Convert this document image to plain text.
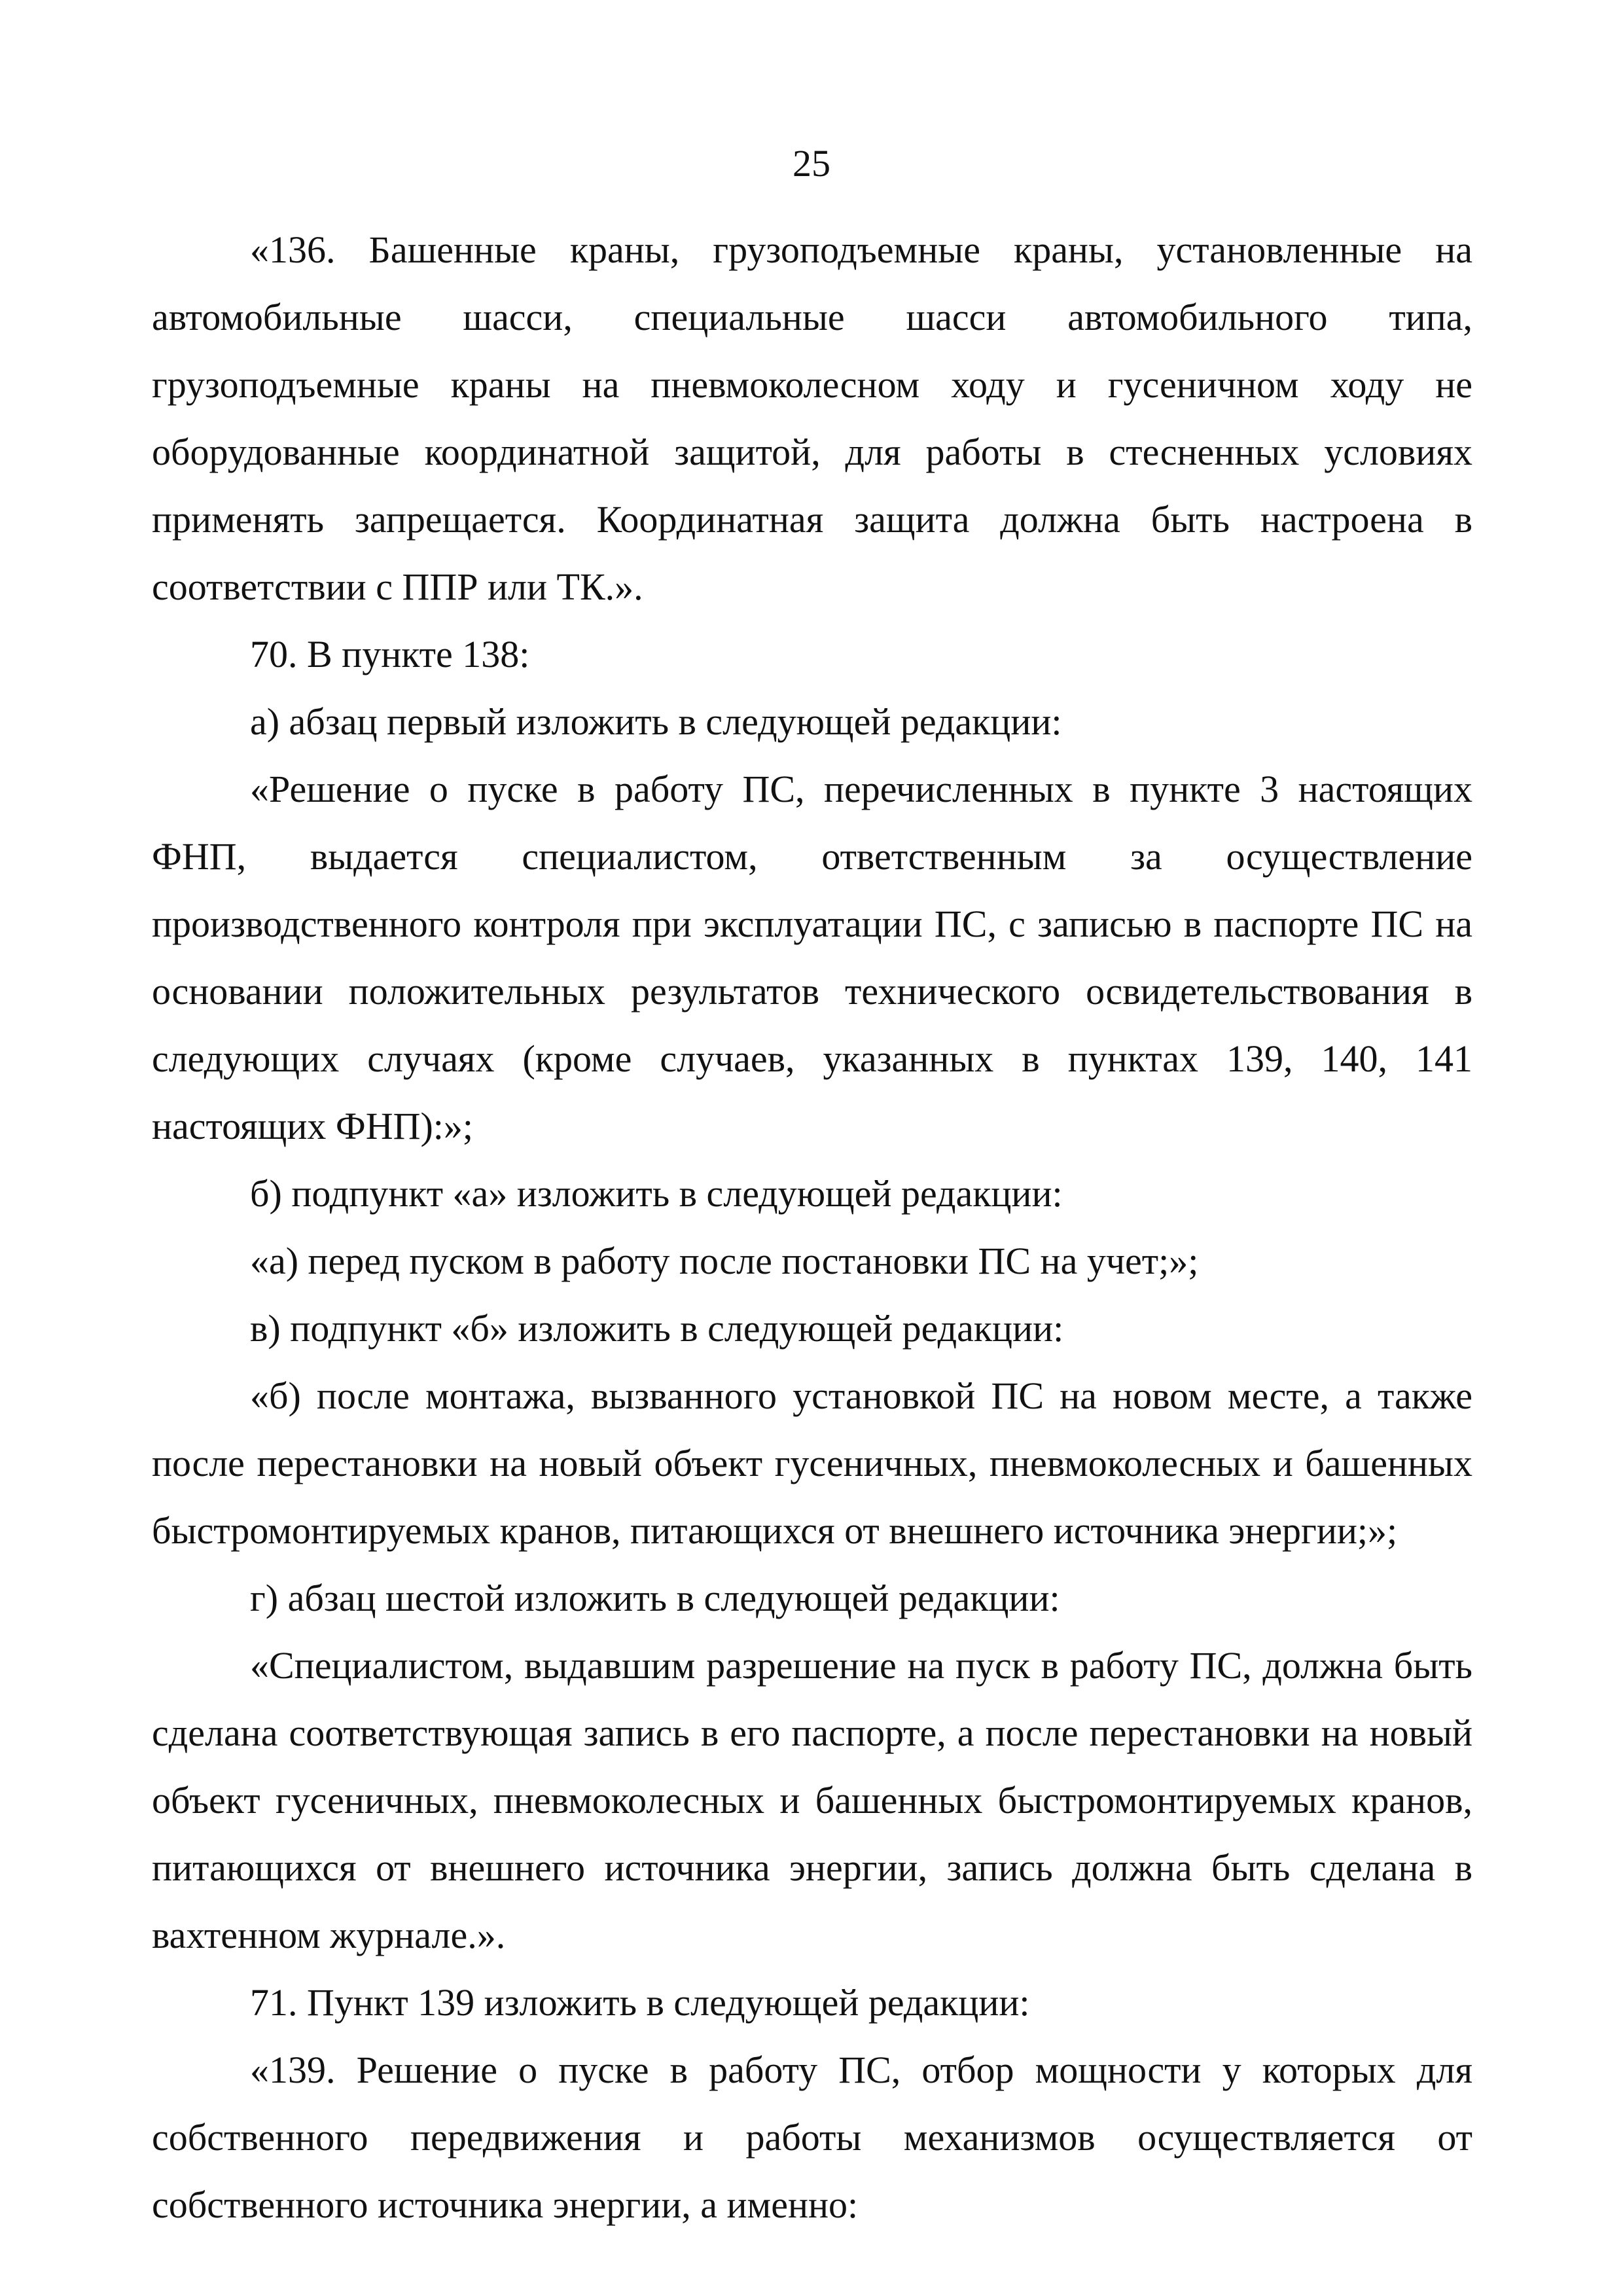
25

«136. Башенные краны, грузоподъемные краны, установленные на автомобильные шасси, специальные шасси автомобильного типа, грузоподъемные краны на пневмоколесном ходу и гусеничном ходу не оборудованные координатной защитой, для работы в стесненных условиях применять запрещается. Координатная защита должна быть настроена в соответствии с ППР или ТК.».

70. В пункте 138:

а) абзац первый изложить в следующей редакции:

«Решение о пуске в работу ПС, перечисленных в пункте 3 настоящих ФНП, выдается специалистом, ответственным за осуществление производственного контроля при эксплуатации ПС, с записью в паспорте ПС на основании положительных результатов технического освидетельствования в следующих случаях (кроме случаев, указанных в пунктах 139, 140, 141 настоящих ФНП):»;

б) подпункт «а» изложить в следующей редакции:

«а) перед пуском в работу после постановки ПС на учет;»;

в) подпункт «б» изложить в следующей редакции:

«б) после монтажа, вызванного установкой ПС на новом месте, а также после перестановки на новый объект гусеничных, пневмоколесных и башенных быстромонтируемых кранов, питающихся от внешнего источника энергии;»;

г) абзац шестой изложить в следующей редакции:

«Специалистом, выдавшим разрешение на пуск в работу ПС, должна быть сделана соответствующая запись в его паспорте, а после перестановки на новый объект гусеничных, пневмоколесных и башенных быстромонтируемых кранов, питающихся от внешнего источника энергии, запись должна быть сделана в вахтенном журнале.».

71. Пункт 139 изложить в следующей редакции:

«139. Решение о пуске в работу ПС, отбор мощности у которых для собственного передвижения и работы механизмов осуществляется от собственного источника энергии, а именно:
